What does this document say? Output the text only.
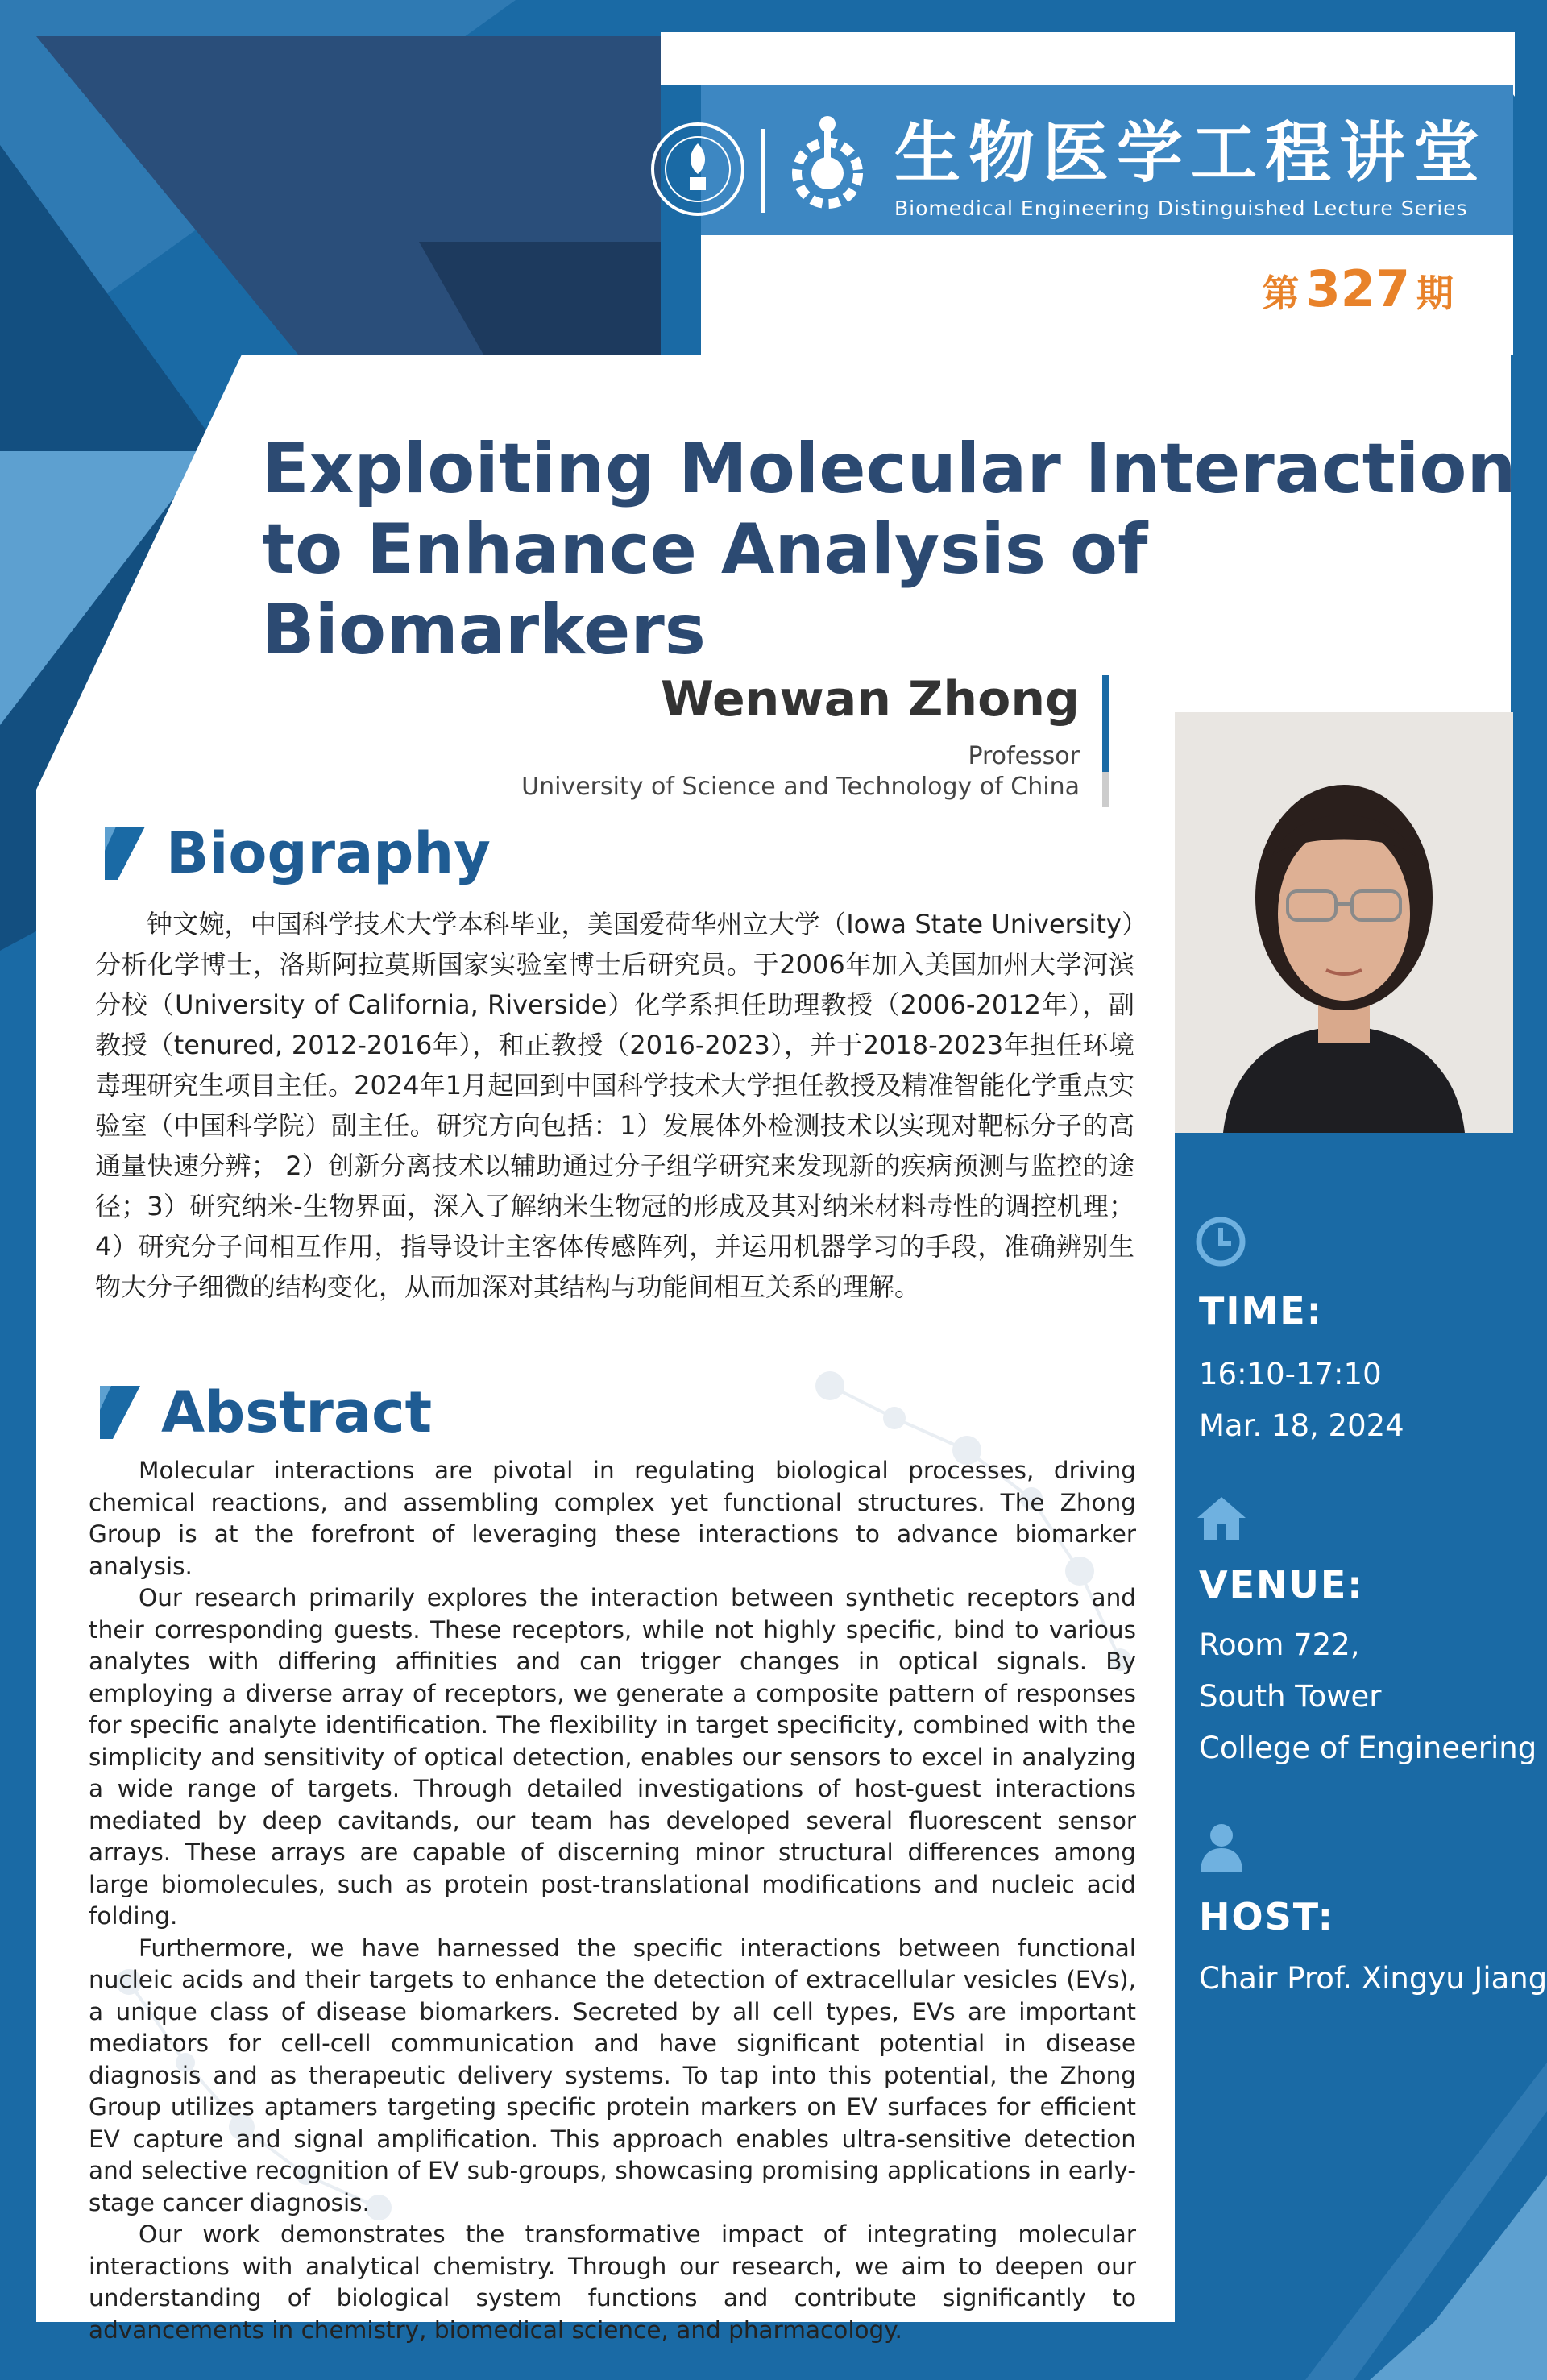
生物医学工程讲堂
Biomedical Engineering Distinguished Lecture Series
第 327 期
Exploiting Molecular Interaction
to Enhance Analysis of Biomarkers
Wenwan Zhong
Professor
University of Science and Technology of China
Biography
钟文婉，中国科学技术大学本科毕业，美国爱荷华州立大学（Iowa State University）分析化学博士，洛斯阿拉莫斯国家实验室博士后研究员。于2006年加入美国加州大学河滨分校（University of California, Riverside）化学系担任助理教授（2006-2012年），副教授（tenured, 2012-2016年），和正教授（2016-2023），并于2018-2023年担任环境毒理研究生项目主任。2024年1月起回到中国科学技术大学担任教授及精准智能化学重点实验室（中国科学院）副主任。研究方向包括：1）发展体外检测技术以实现对靶标分子的高通量快速分辨； 2）创新分离技术以辅助通过分子组学研究来发现新的疾病预测与监控的途径；3）研究纳米-生物界面，深入了解纳米生物冠的形成及其对纳米材料毒性的调控机理；4）研究分子间相互作用，指导设计主客体传感阵列，并运用机器学习的手段，准确辨别生物大分子细微的结构变化，从而加深对其结构与功能间相互关系的理解。
Abstract

Molecular interactions are pivotal in regulating biological processes, driving chemical reactions, and assembling complex yet functional structures. The Zhong Group is at the forefront of leveraging these interactions to advance biomarker analysis.

Our research primarily explores the interaction between synthetic receptors and their corresponding guests. These receptors, while not highly specific, bind to various analytes with differing affinities and can trigger changes in optical signals. By employing a diverse array of receptors, we generate a composite pattern of responses for specific analyte identification. The flexibility in target specificity, combined with the simplicity and sensitivity of optical detection, enables our sensors to excel in analyzing a wide range of targets. Through detailed investigations of host-guest interactions mediated by deep cavitands, our team has developed several fluorescent sensor arrays. These arrays are capable of discerning minor structural differences among large biomolecules, such as protein post-translational modifications and nucleic acid folding.

Furthermore, we have harnessed the specific interactions between functional nucleic acids and their targets to enhance the detection of extracellular vesicles (EVs), a unique class of disease biomarkers. Secreted by all cell types, EVs are important mediators for cell-cell communication and have significant potential in disease diagnosis and as therapeutic delivery systems. To tap into this potential, the Zhong Group utilizes aptamers targeting specific protein markers on EV surfaces for efficient EV capture and signal amplification. This approach enables ultra-sensitive detection and selective recognition of EV sub-groups, showcasing promising applications in early-stage cancer diagnosis.

Our work demonstrates the transformative impact of integrating molecular interactions with analytical chemistry. Through our research, we aim to deepen our understanding of biological system functions and contribute significantly to advancements in chemistry, biomedical science, and pharmacology.

TIME:
16:10-17:10
Mar. 18, 2024
VENUE:
Room 722,
South Tower
College of Engineering
HOST:
Chair Prof. Xingyu Jiang
